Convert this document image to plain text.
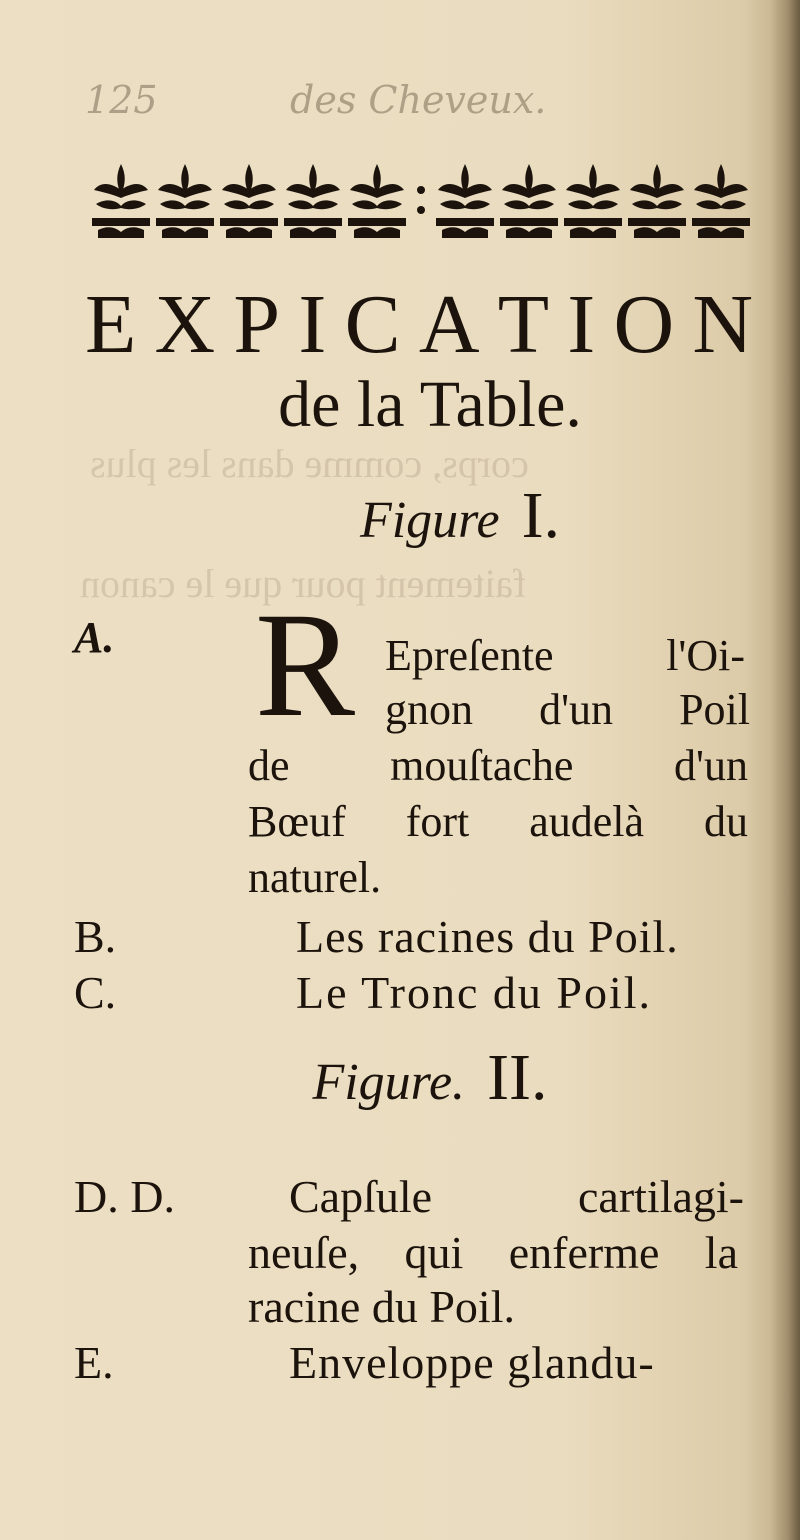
faitement pour que le canon
corps, comme dans les plus
125	des Cheveux.
E X P I C A T I O N
de la Table.
Figure I.
A. R Epreſente	l'Oi-
gnon d'un Poil
de mouſtache d'un
Bœuf fort audelà du
naturel.
B.	Les racines du Poil.
C.	Le Tronc du Poil.
Figure. II.
D. D. Capſule	cartilagi-
neuſe, qui enferme la
racine du Poil.
E.	Enveloppe glandu-
